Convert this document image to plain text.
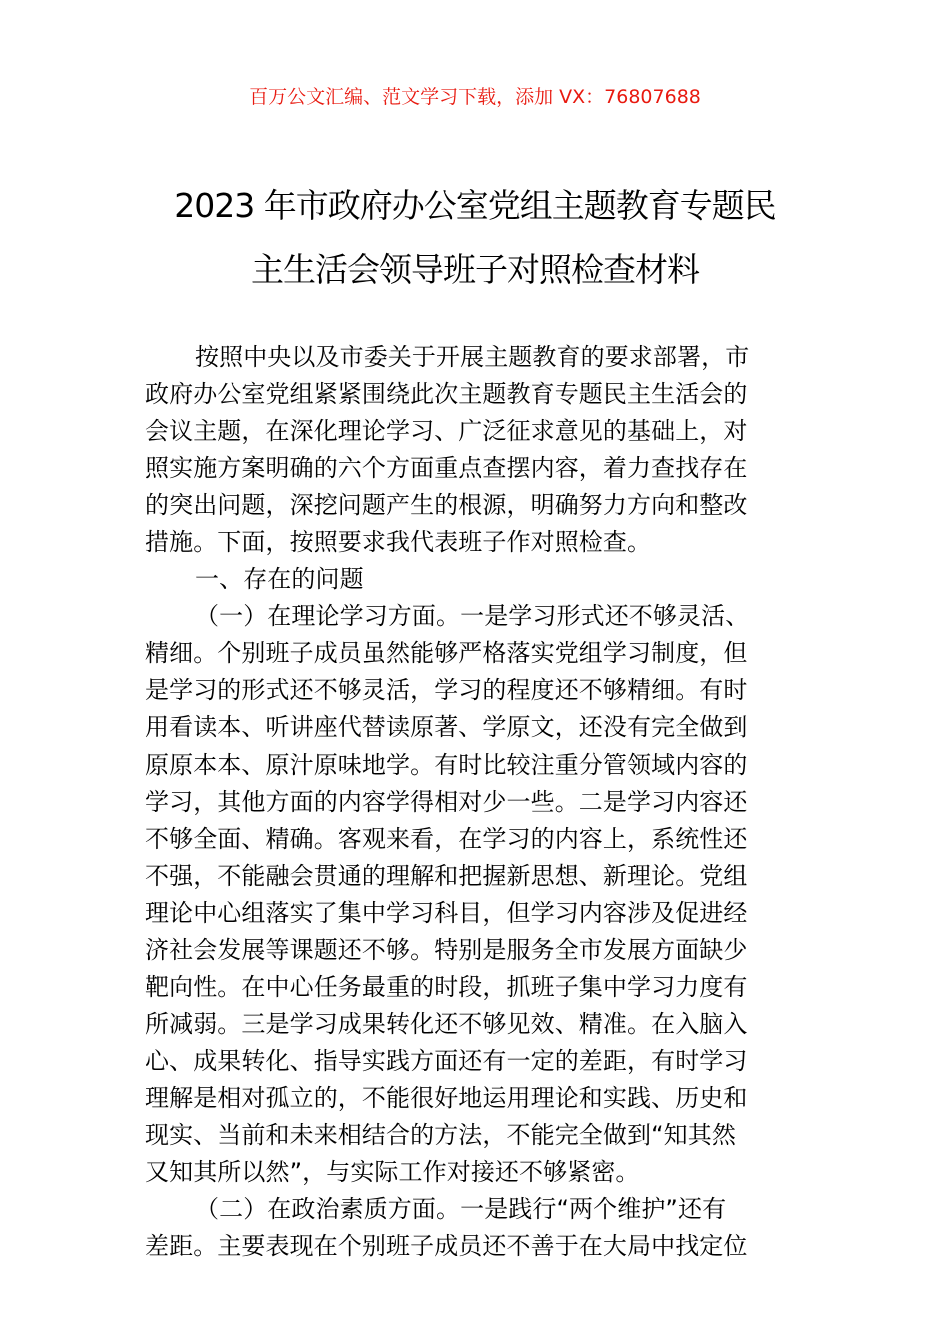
百万公文汇编、范文学习下载，添加 VX：76807688
2023 年市政府办公室党组主题教育专题民
主生活会领导班子对照检查材料
按照中央以及市委关于开展主题教育的要求部署，市
政府办公室党组紧紧围绕此次主题教育专题民主生活会的
会议主题，在深化理论学习、广泛征求意见的基础上，对
照实施方案明确的六个方面重点查摆内容，着力查找存在
的突出问题，深挖问题产生的根源，明确努力方向和整改
措施。下面，按照要求我代表班子作对照检查。
一、存在的问题
（一）在理论学习方面。一是学习形式还不够灵活、
精细。个别班子成员虽然能够严格落实党组学习制度，但
是学习的形式还不够灵活，学习的程度还不够精细。有时
用看读本、听讲座代替读原著、学原文，还没有完全做到
原原本本、原汁原味地学。有时比较注重分管领域内容的
学习，其他方面的内容学得相对少一些。二是学习内容还
不够全面、精确。客观来看，在学习的内容上，系统性还
不强，不能融会贯通的理解和把握新思想、新理论。党组
理论中心组落实了集中学习科目，但学习内容涉及促进经
济社会发展等课题还不够。特别是服务全市发展方面缺少
靶向性。在中心任务最重的时段，抓班子集中学习力度有
所减弱。三是学习成果转化还不够见效、精准。在入脑入
心、成果转化、指导实践方面还有一定的差距，有时学习
理解是相对孤立的，不能很好地运用理论和实践、历史和
现实、当前和未来相结合的方法，不能完全做到“知其然
又知其所以然”，与实际工作对接还不够紧密。
（二）在政治素质方面。一是践行“两个维护”还有
差距。主要表现在个别班子成员还不善于在大局中找定位
